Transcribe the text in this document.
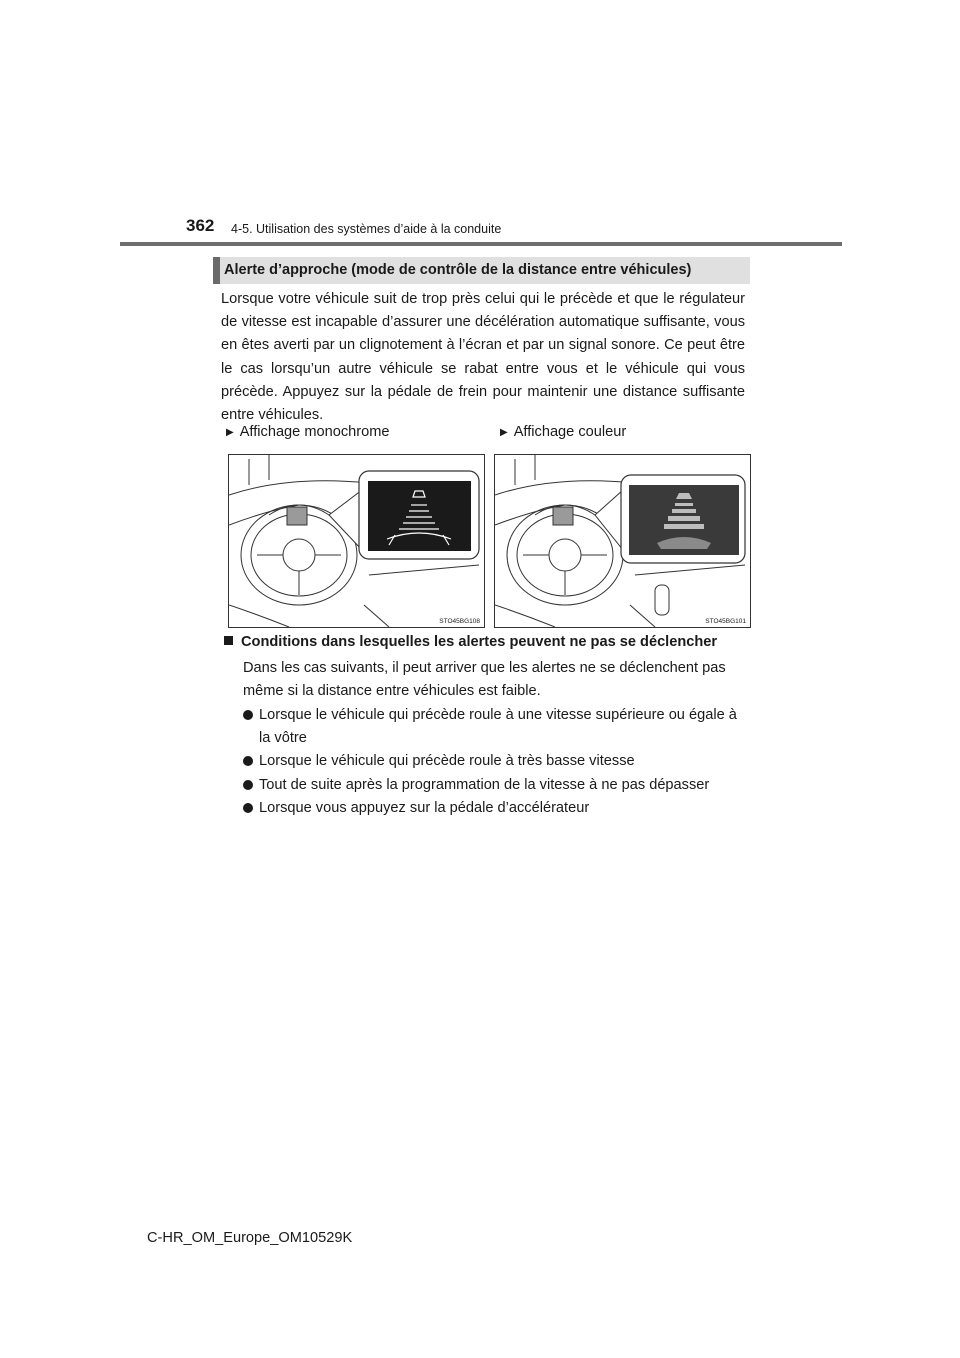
362 4-5. Utilisation des systèmes d’aide à la conduite
Alerte d’approche (mode de contrôle de la distance entre véhicules)

Lorsque votre véhicule suit de trop près celui qui le précède et que le régulateur de vitesse est incapable d’assurer une décélération automatique suffisante, vous en êtes averti par un clignotement à l’écran et par un signal sonore. Ce peut être le cas lorsqu’un autre véhicule se rabat entre vous et le véhicule qui vous précède. Appuyez sur la pédale de frein pour maintenir une distance suffisante entre véhicules.

▶ Affichage monochrome	▶ Affichage couleur
STO45BG108	STO45BG101
Conditions dans lesquelles les alertes peuvent ne pas se déclencher

Dans les cas suivants, il peut arriver que les alertes ne se déclenchent pas même si la distance entre véhicules est faible.

Lorsque le véhicule qui précède roule à une vitesse supérieure ou égale à la vôtre
Lorsque le véhicule qui précède roule à très basse vitesse
Tout de suite après la programmation de la vitesse à ne pas dépasser
Lorsque vous appuyez sur la pédale d’accélérateur
C-HR_OM_Europe_OM10529K
